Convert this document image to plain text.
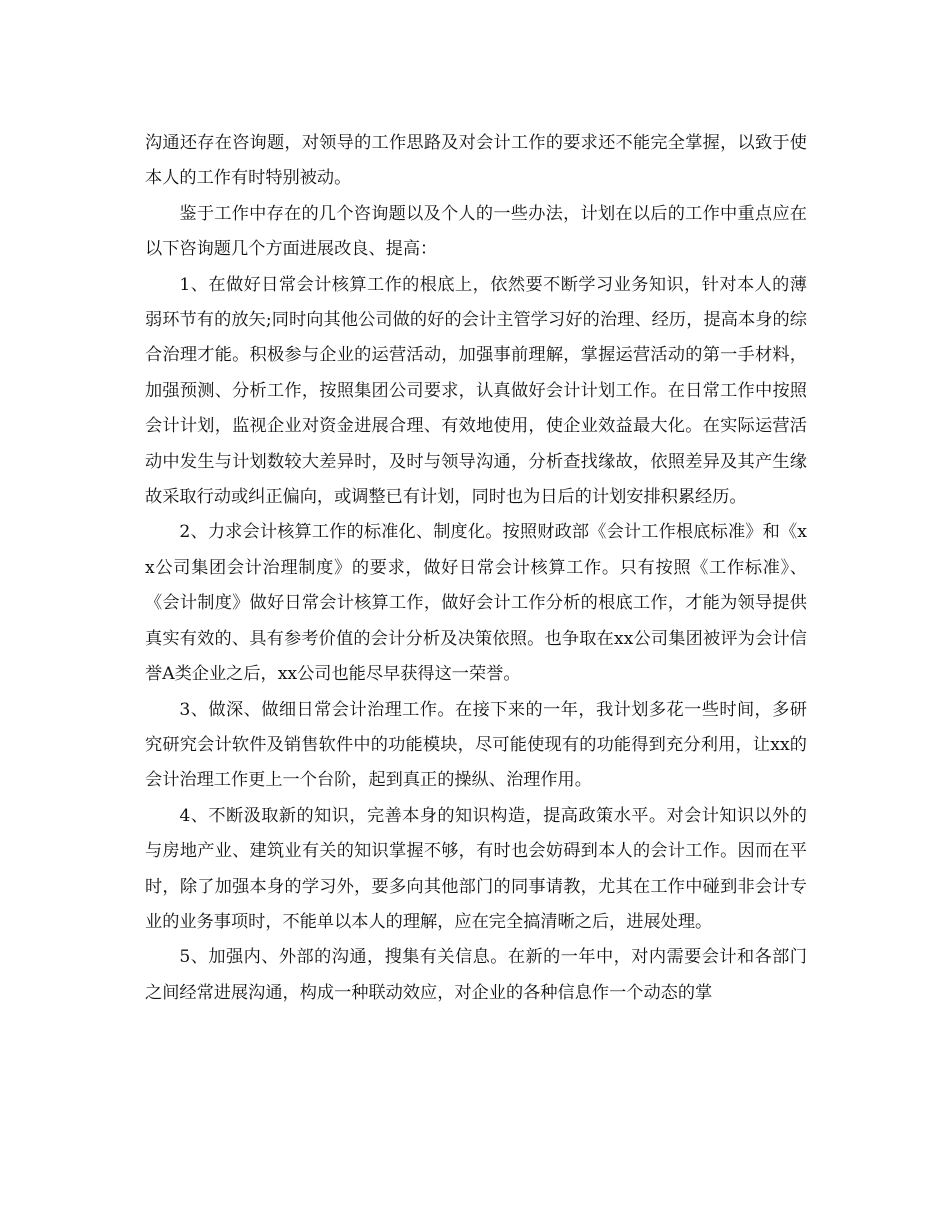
沟通还存在咨询题，对领导的工作思路及对会计工作的要求还不能完全掌握，以致于使本人的工作有时特别被动。

鉴于工作中存在的几个咨询题以及个人的一些办法，计划在以后的工作中重点应在以下咨询题几个方面进展改良、提高：

1、在做好日常会计核算工作的根底上，依然要不断学习业务知识，针对本人的薄弱环节有的放矢;同时向其他公司做的好的会计主管学习好的治理、经历，提高本身的综合治理才能。积极参与企业的运营活动，加强事前理解，掌握运营活动的第一手材料，加强预测、分析工作，按照集团公司要求，认真做好会计计划工作。在日常工作中按照会计计划，监视企业对资金进展合理、有效地使用，使企业效益最大化。在实际运营活动中发生与计划数较大差异时，及时与领导沟通，分析查找缘故，依照差异及其产生缘故采取行动或纠正偏向，或调整已有计划，同时也为日后的计划安排积累经历。

2、力求会计核算工作的标准化、制度化。按照财政部《会计工作根底标准》和《xx公司集团会计治理制度》的要求，做好日常会计核算工作。只有按照《工作标准》、《会计制度》做好日常会计核算工作，做好会计工作分析的根底工作，才能为领导提供真实有效的、具有参考价值的会计分析及决策依照。也争取在xx公司集团被评为会计信誉A类企业之后，xx公司也能尽早获得这一荣誉。

3、做深、做细日常会计治理工作。在接下来的一年，我计划多花一些时间，多研究研究会计软件及销售软件中的功能模块，尽可能使现有的功能得到充分利用，让xx的会计治理工作更上一个台阶，起到真正的操纵、治理作用。

4、不断汲取新的知识，完善本身的知识构造，提高政策水平。对会计知识以外的与房地产业、建筑业有关的知识掌握不够，有时也会妨碍到本人的会计工作。因而在平时，除了加强本身的学习外，要多向其他部门的同事请教，尤其在工作中碰到非会计专业的业务事项时，不能单以本人的理解，应在完全搞清晰之后，进展处理。

5、加强内、外部的沟通，搜集有关信息。在新的一年中，对内需要会计和各部门之间经常进展沟通，构成一种联动效应，对企业的各种信息作一个动态的掌
